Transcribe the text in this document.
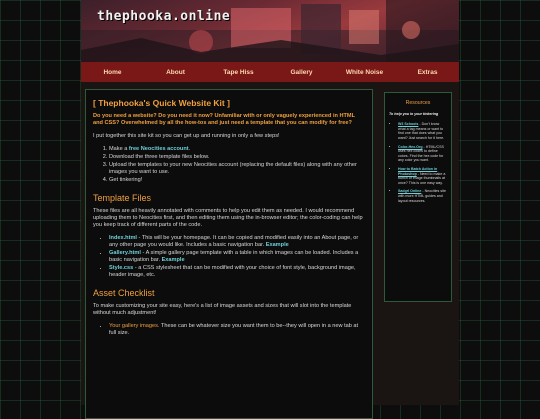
thephooka.online
Home	About	Tape Hiss	Gallery	White Noise	Extras
[ Thephooka's Quick Website Kit ]

Do you need a website? Do you need it now? Unfamiliar with or only vaguely experienced in HTML and CSS? Overwhelmed by all the how-tos and just need a template that you can modify for free?

I put together this site kit so you can get up and running in only a few steps!

1. Make a free Neocities account.
2. Download the three template files below.
3. Upload the templates to your new Neocities account (replacing the default files) along with any other images you want to use.
4. Get tinkering!
Template Files

These files are all heavily annotated with comments to help you edit them as needed. I would recommend uploading them to Neocities first, and then editing them using the in-browser editor; the color-coding can help you keep track of different parts of the code.

• Index.html - This will be your homepage. It can be copied and modified easily into an About page, or any other page you would like. Includes a basic navigation bar. Example
• Gallery.html - A simple gallery page template with a table in which images can be loaded. Includes a basic navigation bar. Example
• Style.css - a CSS stylesheet that can be modified with your choice of font style, background image, header image, etc.
Asset Checklist

To make customizing your site easy, here's a list of image assets and sizes that will slot into the template without much adjustment!

• Your gallery images. These can be whatever size you want them to be--they will open in a new tab at full size.
Resources
To help you in your tinkering
• W3 Schools - Don't know what a tag means or want to find one that does what you want? Just search for it here.
• Color-Hex.Org - HTML/CSS uses hex codes to define colors. Find the hex code for any color you want.
• How to Batch Action in Photoshop - Need to make a bunch of image thumbnails at once? This is one easy way.
• Sadgrl Online - Neocities site with more HTML guides and layout resources.
